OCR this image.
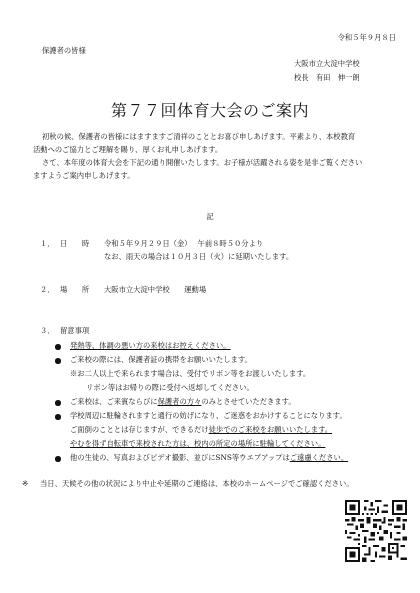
令和５年９月８日
保護者の皆様
大阪市立大淀中学校
校長　有田　伸一朗
第７７回体育大会のご案内
初秋の候、保護者の皆様にはますますご清祥のこととお喜び申しあげます。平素より、本校教育
活動へのご協力とご理解を賜り、厚くお礼申しあげます。
さて、本年度の体育大会を下記の通り開催いたします。お子様が活躍される姿を是非ご覧ください
ますようご案内申しあげます。
記
１． 日　　時 令和５年９月２９日（金）　 午前８時５０分より
なお、雨天の場合は１０月３日（火）に延期いたします。
２． 場　　所 大阪市立大淀中学校　　運動場
３． 留意事項
発熱等、体調の悪い方の来校はお控えください。
ご来校の際には、保護者証の携帯をお願いいたします。
※お二人以上で来られます場合は、受付でリボン等をお渡しいたします。
リボン等はお帰りの際に受付へ返却してください。
ご来校は、ご来賓ならびに保護者の方々のみとさせていただきます。
学校周辺に駐輪されますと通行の妨げになり、ご迷惑をおかけすることになります。
ご面倒のこととは存じますが、できるだけ徒歩でのご来校をお願いいたします。
やむを得ず自転車で来校された方は、校内の所定の場所に駐輪してください。
他の生徒の、写真およびビデオ撮影、並びにSNS等ウエブアップはご遠慮ください。
※ 当日、天候その他の状況により中止や延期のご連絡は、本校のホームページでご確認ください。
